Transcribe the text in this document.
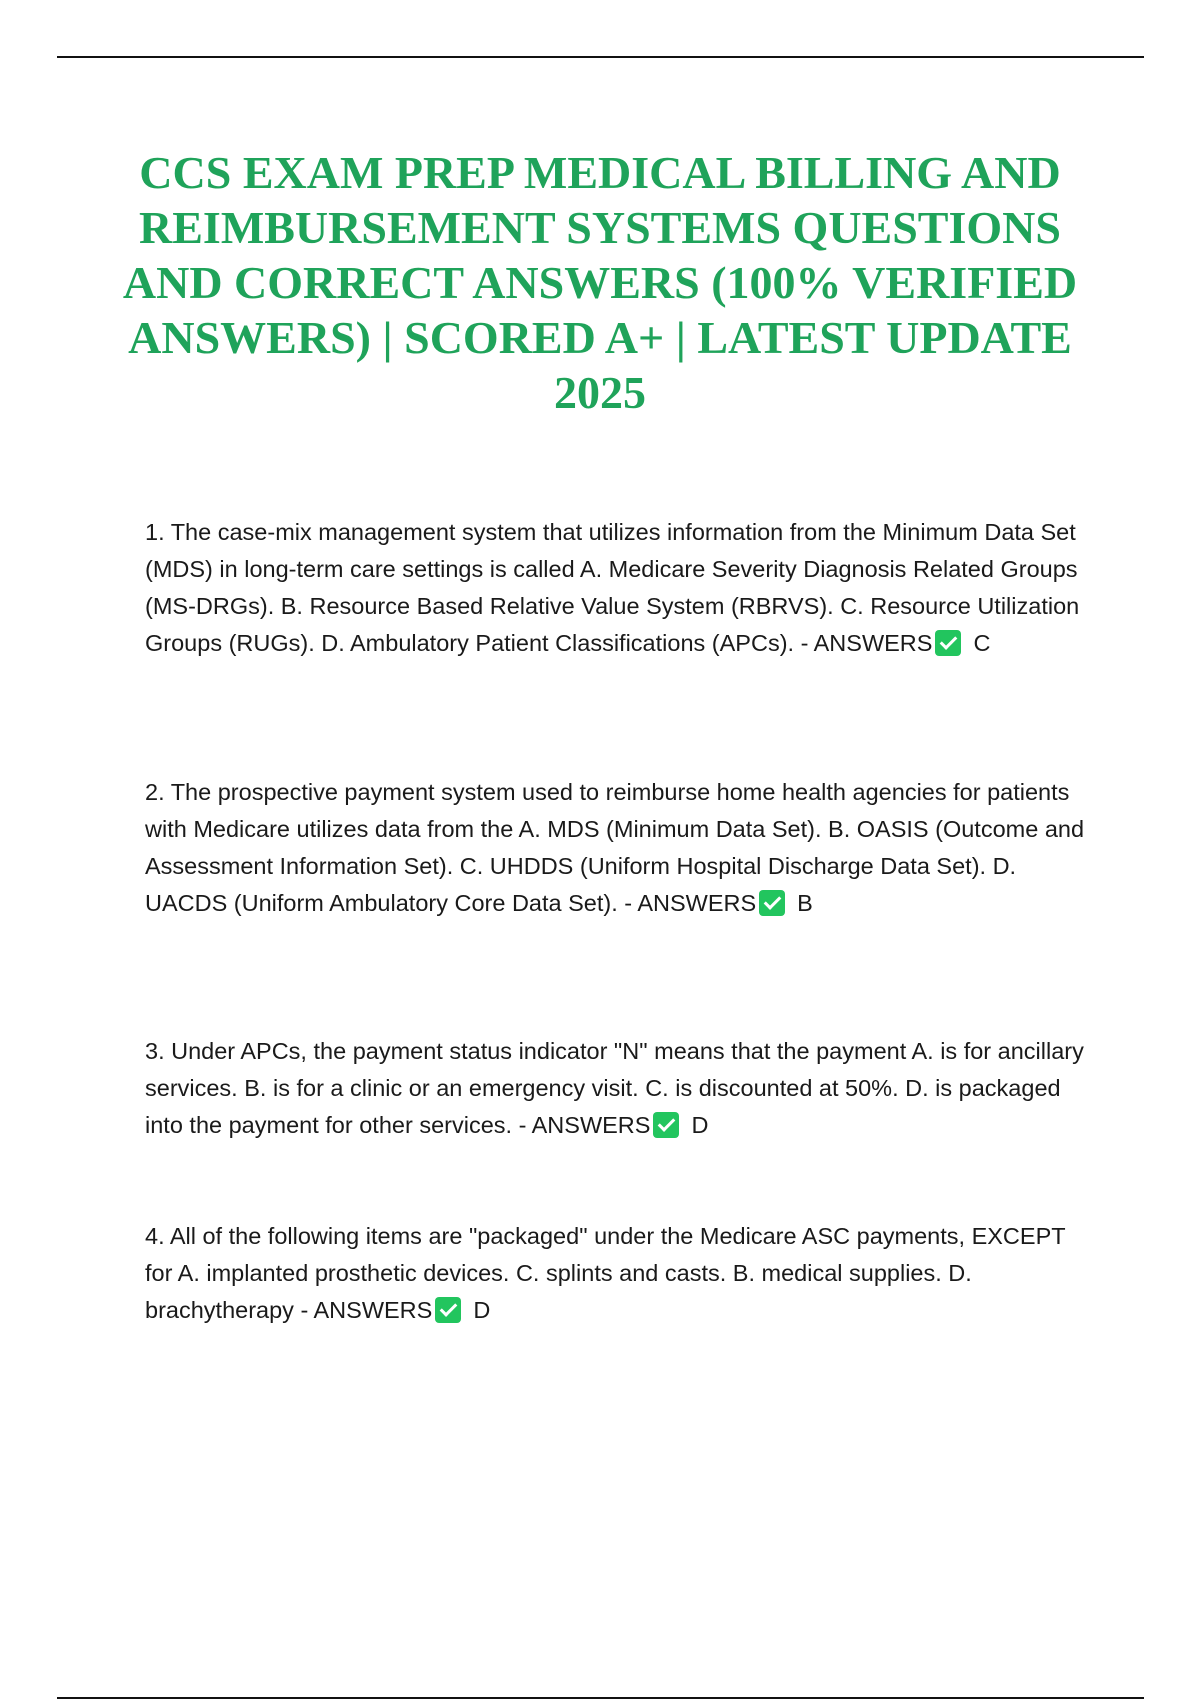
CCS EXAM PREP MEDICAL BILLING AND REIMBURSEMENT SYSTEMS QUESTIONS AND CORRECT ANSWERS (100% VERIFIED ANSWERS) | SCORED A+ | LATEST UPDATE 2025

1. The case-mix management system that utilizes information from the Minimum Data Set (MDS) in long-term care settings is called A. Medicare Severity Diagnosis Related Groups (MS-DRGs). B. Resource Based Relative Value System (RBRVS). C. Resource Utilization Groups (RUGs). D. Ambulatory Patient Classifications (APCs). - ANSWERS C

2. The prospective payment system used to reimburse home health agencies for patients with Medicare utilizes data from the A. MDS (Minimum Data Set). B. OASIS (Outcome and Assessment Information Set). C. UHDDS (Uniform Hospital Discharge Data Set). D. UACDS (Uniform Ambulatory Core Data Set). - ANSWERS B

3. Under APCs, the payment status indicator "N" means that the payment A. is for ancillary services. B. is for a clinic or an emergency visit. C. is discounted at 50%. D. is packaged into the payment for other services. - ANSWERS D

4. All of the following items are "packaged" under the Medicare ASC payments, EXCEPT for A. implanted prosthetic devices. C. splints and casts. B. medical supplies. D. brachytherapy - ANSWERS D
